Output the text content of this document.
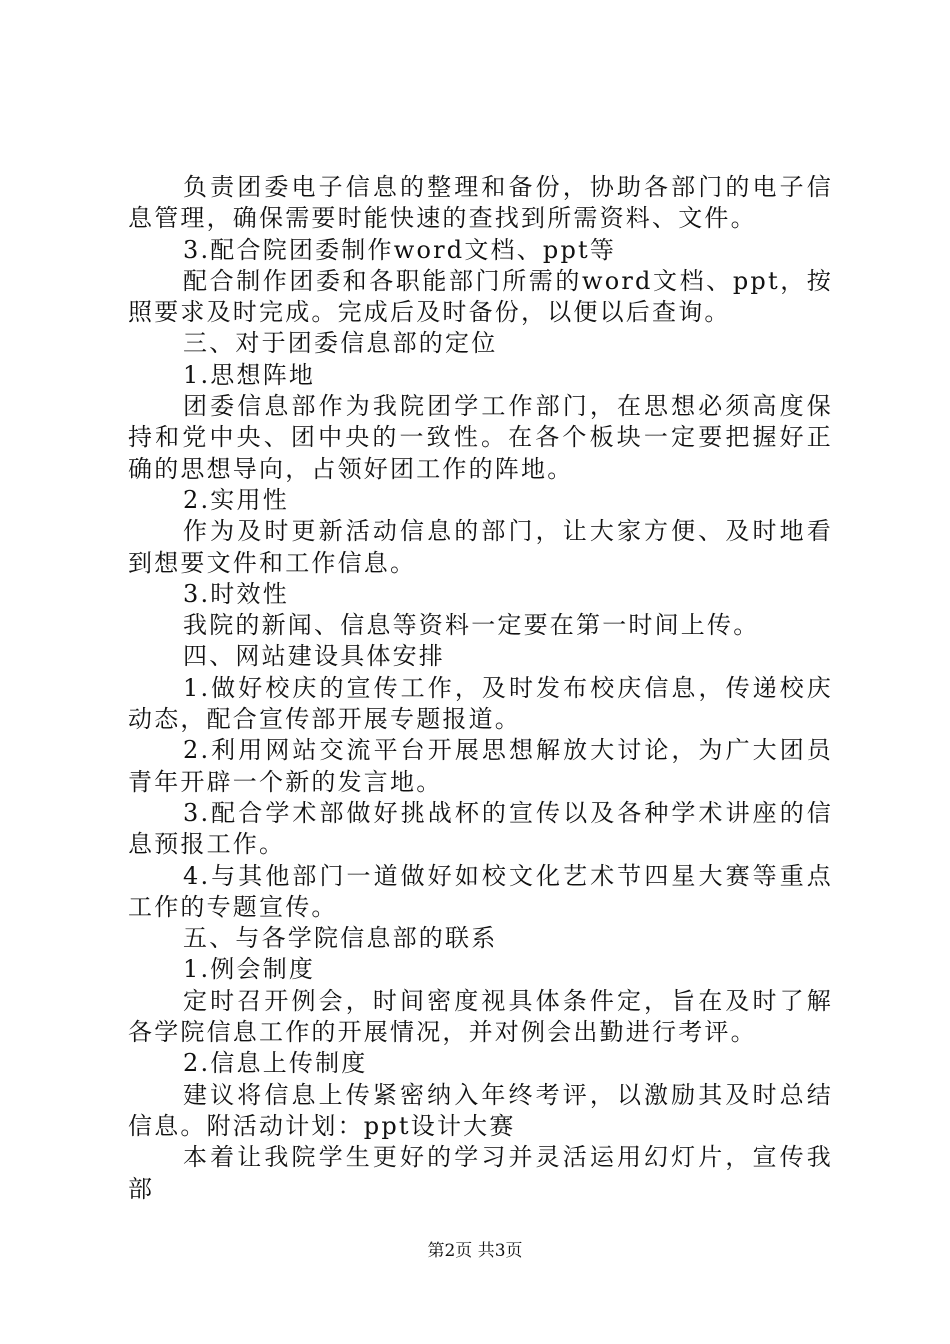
负责团委电子信息的整理和备份，协助各部门的电子信息管理，确保需要时能快速的查找到所需资料、文件。

3.配合院团委制作word文档、ppt等

配合制作团委和各职能部门所需的word文档、ppt，按照要求及时完成。完成后及时备份，以便以后查询。

三、对于团委信息部的定位

1.思想阵地

团委信息部作为我院团学工作部门，在思想必须高度保持和党中央、团中央的一致性。在各个板块一定要把握好正确的思想导向，占领好团工作的阵地。

2.实用性

作为及时更新活动信息的部门，让大家方便、及时地看到想要文件和工作信息。

3.时效性

我院的新闻、信息等资料一定要在第一时间上传。

四、网站建设具体安排

1.做好校庆的宣传工作，及时发布校庆信息，传递校庆动态，配合宣传部开展专题报道。

2.利用网站交流平台开展思想解放大讨论，为广大团员青年开辟一个新的发言地。

3.配合学术部做好挑战杯的宣传以及各种学术讲座的信息预报工作。

4.与其他部门一道做好如校文化艺术节四星大赛等重点工作的专题宣传。

五、与各学院信息部的联系

1.例会制度

定时召开例会，时间密度视具体条件定，旨在及时了解各学院信息工作的开展情况，并对例会出勤进行考评。

2.信息上传制度

建议将信息上传紧密纳入年终考评，以激励其及时总结信息。附活动计划：ppt设计大赛

本着让我院学生更好的学习并灵活运用幻灯片，宣传我部

第2页 共3页
